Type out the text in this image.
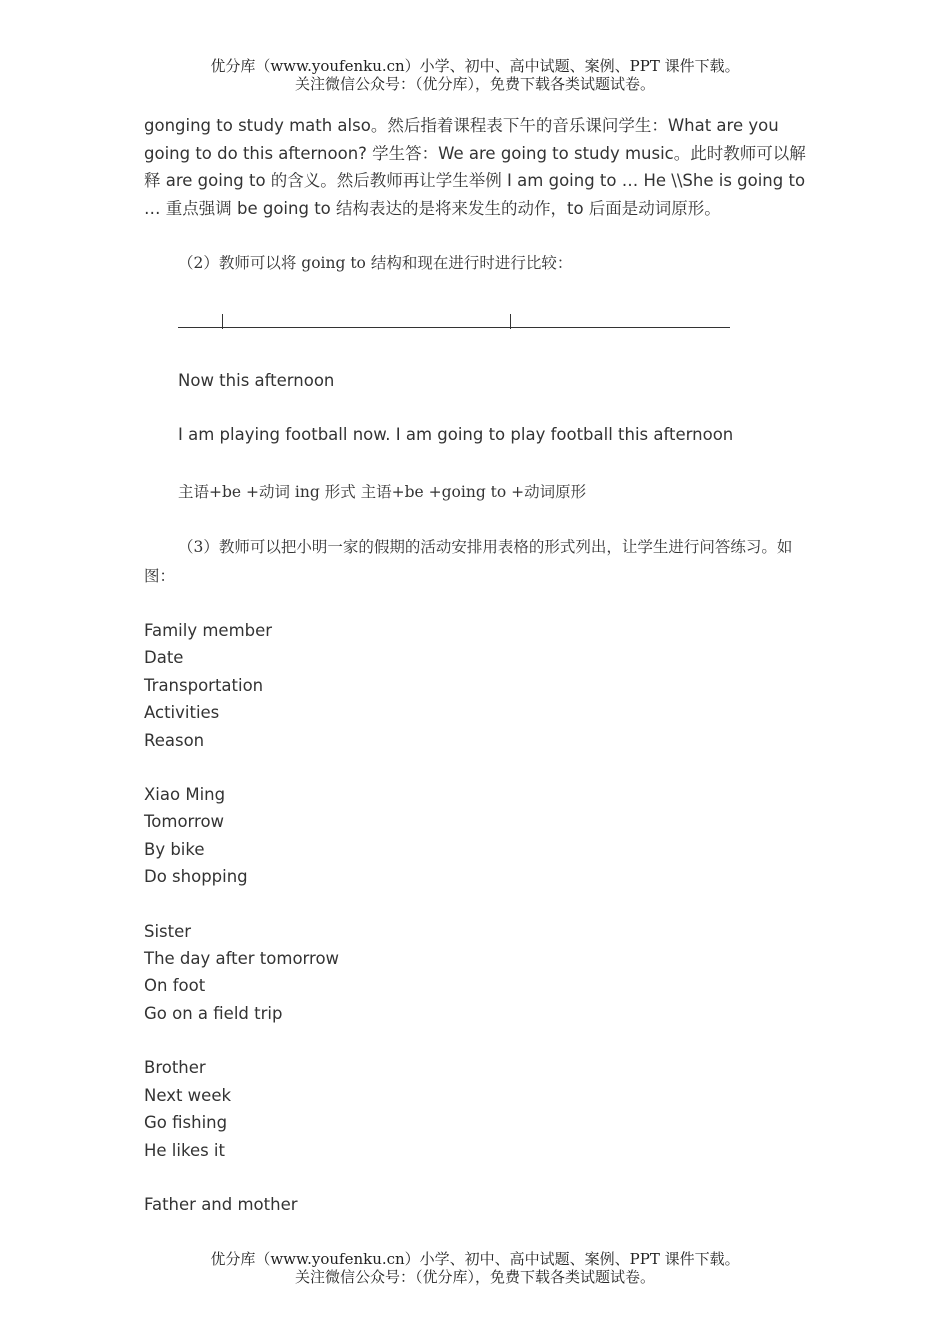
优分库（www.youfenku.cn）小学、初中、高中试题、案例、PPT 课件下载。
关注微信公众号：（优分库），免费下载各类试题试卷。

gonging to study math also。然后指着课程表下午的音乐课问学生：What are you going to do this afternoon? 学生答：We are going to study music。此时教师可以解释 are going to 的含义。然后教师再让学生举例 I am going to … He \\She is going to … 重点强调 be going to 结构表达的是将来发生的动作，to 后面是动词原形。

（2）教师可以将 going to 结构和现在进行时进行比较：

Now this afternoon

I am playing football now. I am going to play football this afternoon

主语+be +动词 ing 形式 主语+be +going to +动词原形

（3）教师可以把小明一家的假期的活动安排用表格的形式列出，让学生进行问答练习。如图：

Family member
Date
Transportation
Activities
Reason
Xiao Ming
Tomorrow
By bike
Do shopping
Sister
The day after tomorrow
On foot
Go on a field trip
Brother
Next week
Go fishing
He likes it
Father and mother
优分库（www.youfenku.cn）小学、初中、高中试题、案例、PPT 课件下载。
关注微信公众号：（优分库），免费下载各类试题试卷。
